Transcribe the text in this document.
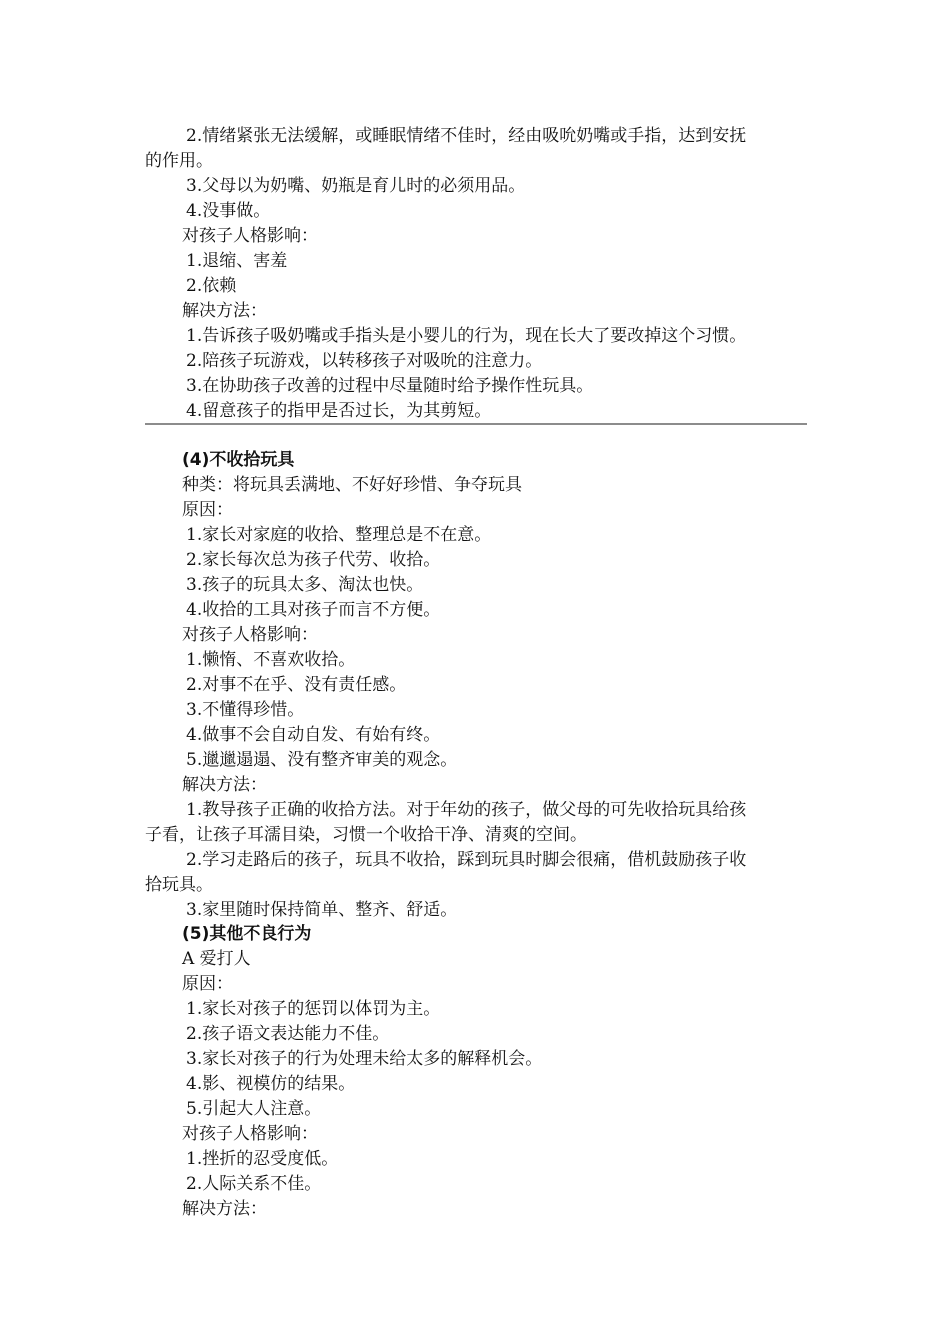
2.情绪紧张无法缓解，或睡眠情绪不佳时，经由吸吮奶嘴或手指，达到安抚
的作用。
3.父母以为奶嘴、奶瓶是育儿时的必须用品。
4.没事做。
对孩子人格影响：
1.退缩、害羞
2.依赖
解决方法：
1.告诉孩子吸奶嘴或手指头是小婴儿的行为，现在长大了要改掉这个习惯。
2.陪孩子玩游戏，以转移孩子对吸吮的注意力。
3.在协助孩子改善的过程中尽量随时给予操作性玩具。
4.留意孩子的指甲是否过长，为其剪短。
(4)不收拾玩具
种类：将玩具丢满地、不好好珍惜、争夺玩具
原因：
1.家长对家庭的收拾、整理总是不在意。
2.家长每次总为孩子代劳、收拾。
3.孩子的玩具太多、淘汰也快。
4.收拾的工具对孩子而言不方便。
对孩子人格影响：
1.懒惰、不喜欢收拾。
2.对事不在乎、没有责任感。
3.不懂得珍惜。
4.做事不会自动自发、有始有终。
5.邋邋遢遢、没有整齐审美的观念。
解决方法：
1.教导孩子正确的收拾方法。对于年幼的孩子，做父母的可先收拾玩具给孩
子看，让孩子耳濡目染，习惯一个收拾干净、清爽的空间。
2.学习走路后的孩子，玩具不收拾，踩到玩具时脚会很痛，借机鼓励孩子收
拾玩具。
3.家里随时保持简单、整齐、舒适。
(5)其他不良行为
A 爱打人
原因：
1.家长对孩子的惩罚以体罚为主。
2.孩子语文表达能力不佳。
3.家长对孩子的行为处理未给太多的解释机会。
4.影、视模仿的结果。
5.引起大人注意。
对孩子人格影响：
1.挫折的忍受度低。
2.人际关系不佳。
解决方法：
